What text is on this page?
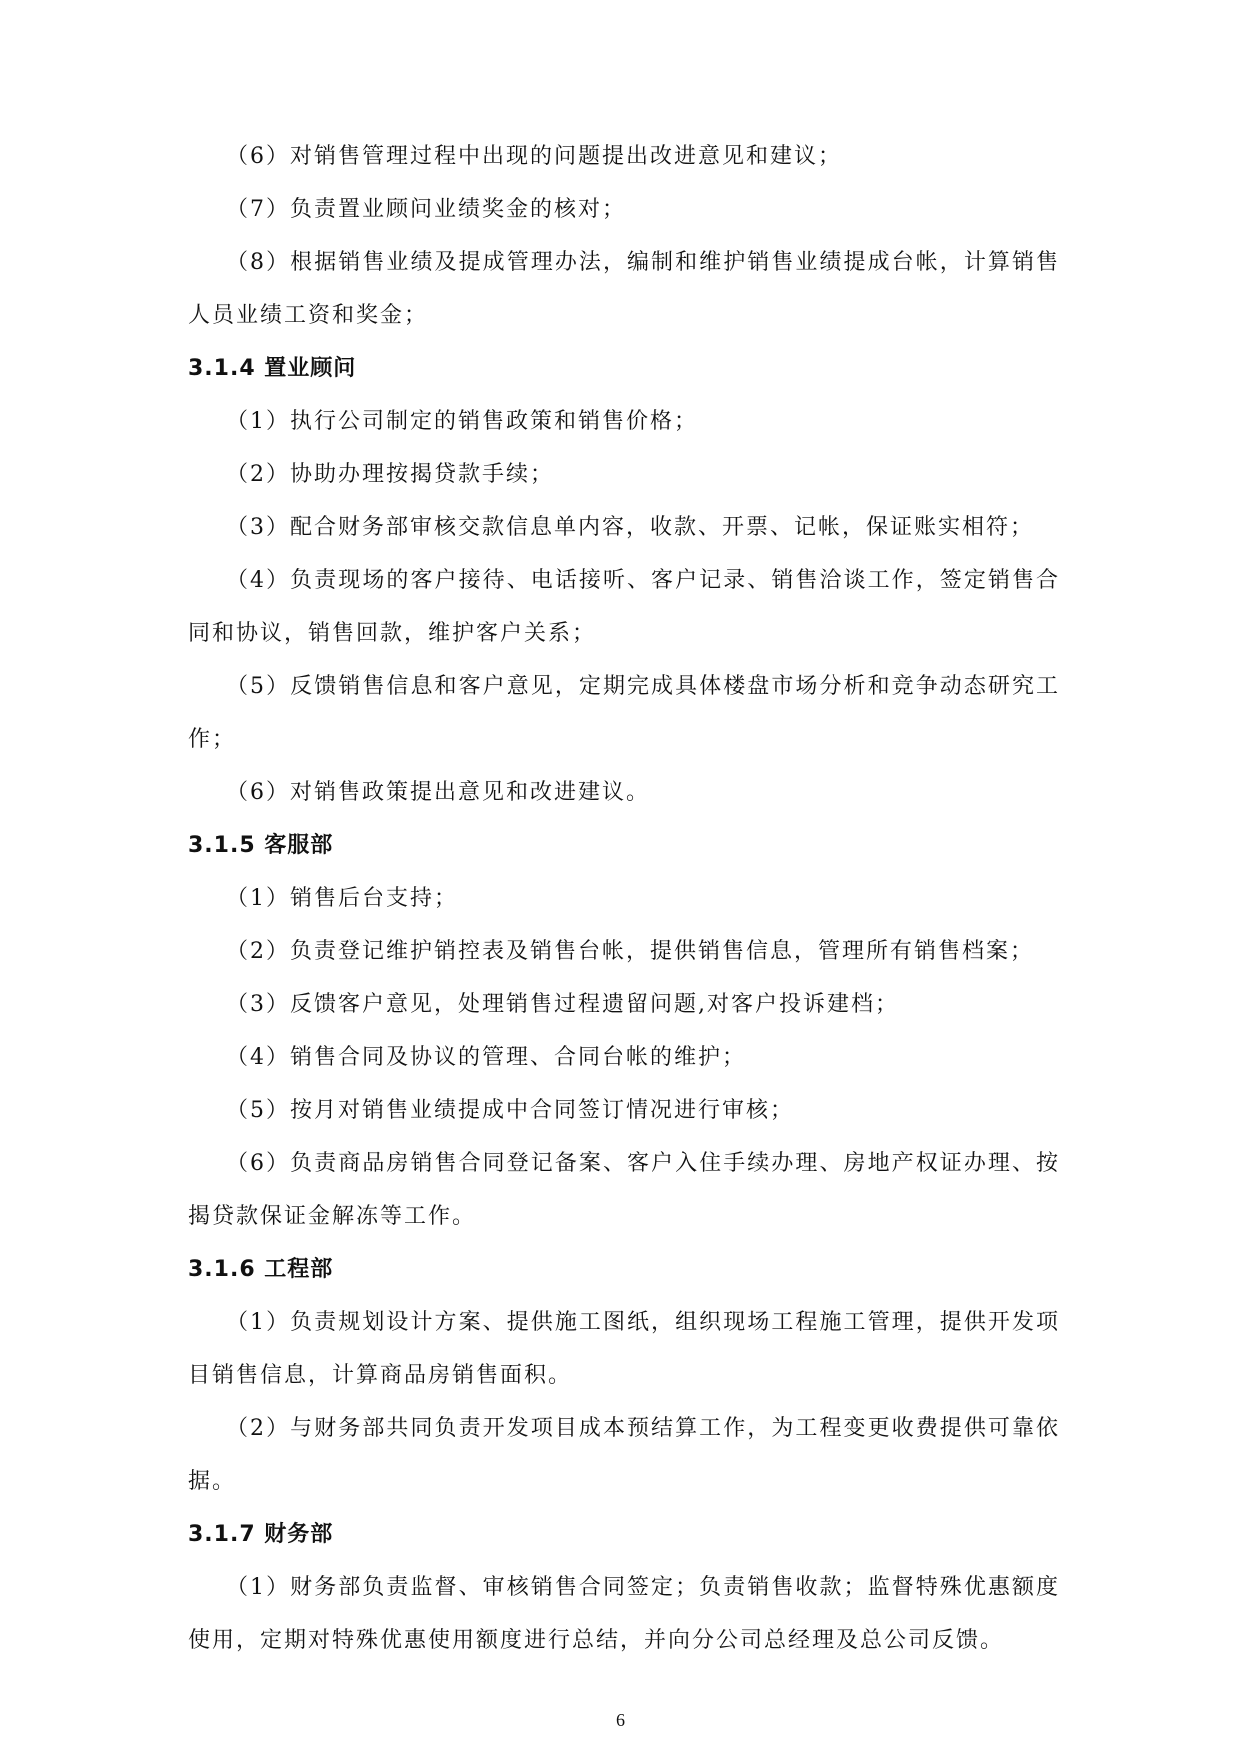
（6）对销售管理过程中出现的问题提出改进意见和建议；
（7）负责置业顾问业绩奖金的核对；
（8）根据销售业绩及提成管理办法，编制和维护销售业绩提成台帐，计算销售人员业绩工资和奖金；
3.1.4 置业顾问
（1）执行公司制定的销售政策和销售价格；
（2）协助办理按揭贷款手续；
（3）配合财务部审核交款信息单内容，收款、开票、记帐，保证账实相符；
（4）负责现场的客户接待、电话接听、客户记录、销售洽谈工作，签定销售合同和协议，销售回款，维护客户关系；
（5）反馈销售信息和客户意见，定期完成具体楼盘市场分析和竞争动态研究工作；
（6）对销售政策提出意见和改进建议。
3.1.5 客服部
（1）销售后台支持；
（2）负责登记维护销控表及销售台帐，提供销售信息，管理所有销售档案；
（3）反馈客户意见，处理销售过程遗留问题,对客户投诉建档；
（4）销售合同及协议的管理、合同台帐的维护；
（5）按月对销售业绩提成中合同签订情况进行审核；
（6）负责商品房销售合同登记备案、客户入住手续办理、房地产权证办理、按揭贷款保证金解冻等工作。
3.1.6 工程部
（1）负责规划设计方案、提供施工图纸，组织现场工程施工管理，提供开发项目销售信息，计算商品房销售面积。
（2）与财务部共同负责开发项目成本预结算工作，为工程变更收费提供可靠依据。
3.1.7 财务部
（1）财务部负责监督、审核销售合同签定；负责销售收款；监督特殊优惠额度使用，定期对特殊优惠使用额度进行总结，并向分公司总经理及总公司反馈。
6
